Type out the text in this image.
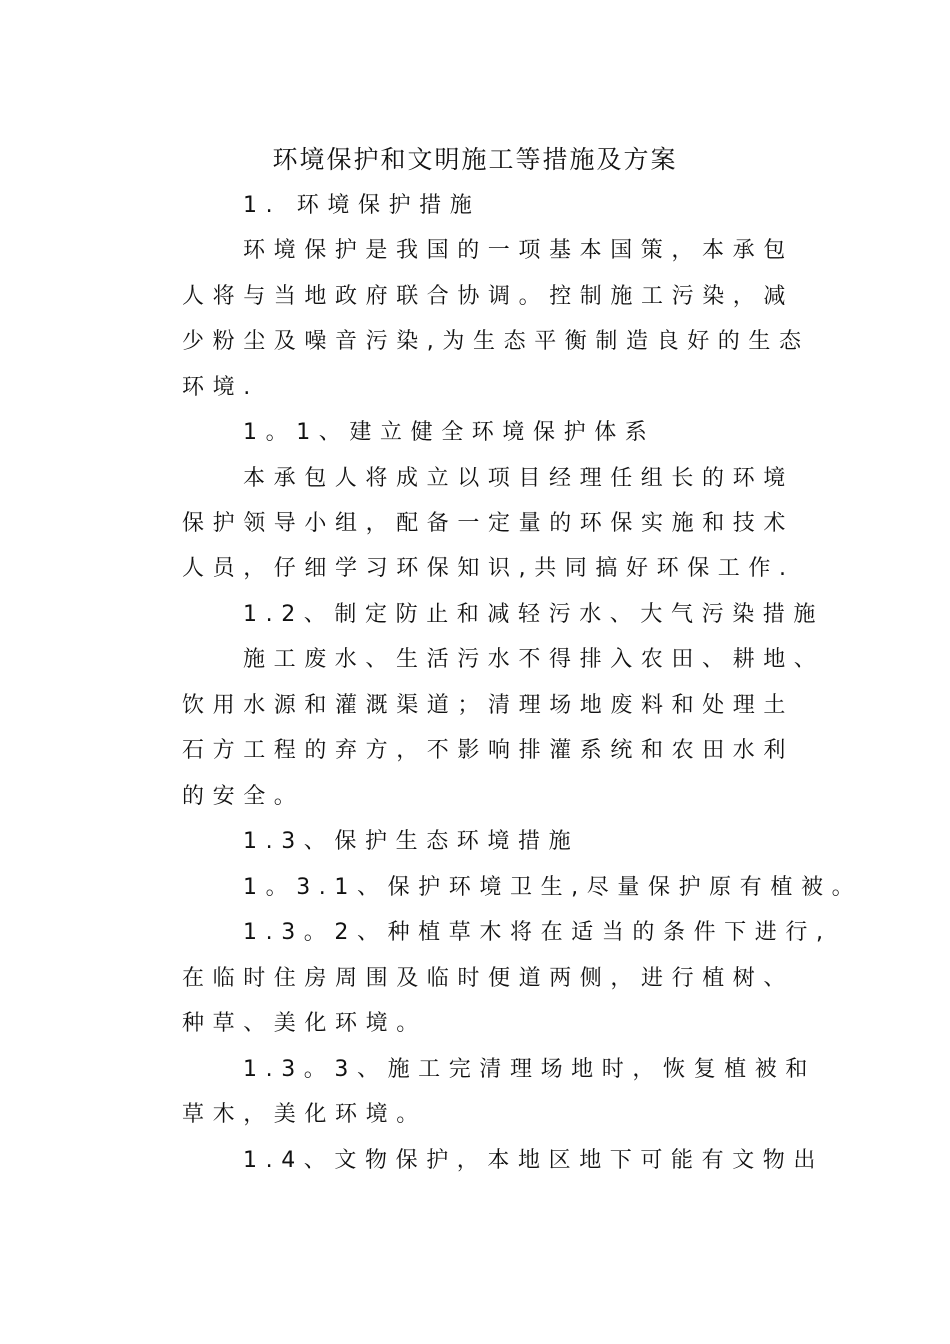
环境保护和文明施工等措施及方案
1. 环境保护措施
环境保护是我国的一项基本国策，本承包
人将与当地政府联合协调。控制施工污染，减
少粉尘及噪音污染,为生态平衡制造良好的生态
环境.
1。1、建立健全环境保护体系
本承包人将成立以项目经理任组长的环境
保护领导小组，配备一定量的环保实施和技术
人员，仔细学习环保知识,共同搞好环保工作.
1.2、制定防止和减轻污水、大气污染措施
施工废水、生活污水不得排入农田、耕地、
饮用水源和灌溉渠道；清理场地废料和处理土
石方工程的弃方，不影响排灌系统和农田水利
的安全。
1.3、保护生态环境措施
1。3.1、保护环境卫生,尽量保护原有植被。
1.3。2、种植草木将在适当的条件下进行,
在临时住房周围及临时便道两侧，进行植树、
种草、美化环境。
1.3。3、施工完清理场地时，恢复植被和
草木，美化环境。
1.4、文物保护，本地区地下可能有文物出
